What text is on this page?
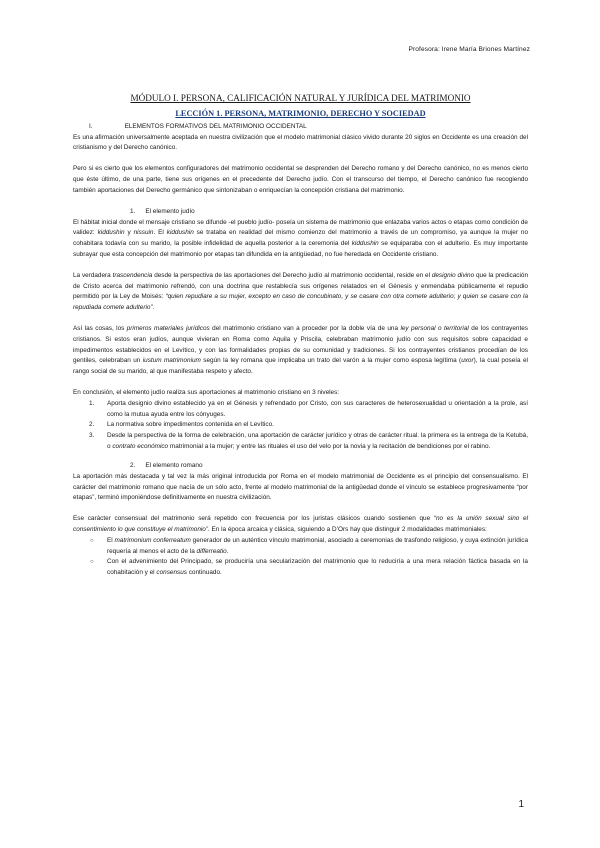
Profesora: Irene María Briones Martínez
MÓDULO I. PERSONA, CALIFICACIÓN NATURAL Y JURÍDICA DEL MATRIMONIO
LECCIÓN 1. PERSONA, MATRIMONIO, DERECHO Y SOCIEDAD
I.	ELEMENTOS FORMATIVOS DEL MATRIMONIO OCCIDENTAL

Es una afirmación universalmente aceptada en nuestra civilización que el modelo matrimonial clásico vivido durante 20 siglos en Occidente es una creación del cristianismo y del Derecho canónico.

Pero si es cierto que los elementos configuradores del matrimonio occidental se desprenden del Derecho romano y del Derecho canónico, no es menos cierto que éste último, de una parte, tiene sus orígenes en el precedente del Derecho judío. Con el transcurso del tiempo, el Derecho canónico fue recogiendo también aportaciones del Derecho germánico que sintonizaban o enriquecían la concepción cristiana del matrimonio.

1. El elemento judío

El hábitat inicial donde el mensaje cristiano se difunde -el pueblo judío- poseía un sistema de matrimonio que enlazaba varios actos o etapas como condición de validez: kiddushin y nissuin. El kiddushin se trataba en realidad del mismo comienzo del matrimonio a través de un compromiso, ya aunque la mujer no cohabitara todavía con su marido, la posible infidelidad de aquella posterior a la ceremonia del kiddushin se equiparaba con el adulterio. Es muy importante subrayar que esta concepción del matrimonio por etapas tan difundida en la antigüedad, no fue heredada en Occidente cristiano.

La verdadera trascendencia desde la perspectiva de las aportaciones del Derecho judío al matrimonio occidental, reside en el designio divino que la predicación de Cristo acerca del matrimonio refrendó, con una doctrina que restablecía sus orígenes relatados en el Génesis y enmendaba públicamente el repudio permitido por la Ley de Moisés: “quien repudiare a su mujer, excepto en caso de concubinato, y se casare con otra comete adulterio; y quien se casare con la repudiada comete adulterio”.

Así las cosas, los primeros materiales jurídicos del matrimonio cristiano van a proceder por la doble vía de una ley personal o territorial de los contrayentes cristianos. Si estos eran judíos, aunque vivieran en Roma como Aquila y Priscila, celebraban matrimonio judío con sus requisitos sobre capacidad e impedimentos establecidos en el Levítico, y con las formalidades propias de su comunidad y tradiciones. Si los contrayentes cristianos procedían de los gentiles, celebraban un iustum matrimonium según la ley romana que implicaba un trato del varón a la mujer como esposa legítima (uxor), la cual poseía el rango social de su marido, al que manifestaba respeto y afecto.

En conclusión, el elemento judío realiza sus aportaciones al matrimonio cristiano en 3 niveles:

1.	Aporta designio divino establecido ya en el Génesis y refrendado por Cristo, con sus caracteres de heterosexualidad u orientación a la prole, así como la mutua ayuda entre los cónyuges.
2.	La normativa sobre impedimentos contenida en el Levítico.
3.	Desde la perspectiva de la forma de celebración, una aportación de carácter jurídico y otras de carácter ritual. la primera es la entrega de la Ketubá, o contrato económico matrimonial a la mujer; y entre las rituales el uso del velo por la novia y la recitación de bendiciones por el rabino.
2. El elemento romano

La aportación más destacada y tal vez la más original introducida por Roma en el modelo matrimonial de Occidente es el principio del consensualismo. El carácter del matrimonio romano que nacía de un sólo acto, frente al modelo matrimonial de la antigüedad donde el vínculo se establece progresivamente “por etapas”, terminó imponiéndose definitivamente en nuestra civilización.

Ese carácter consensual del matrimonio será repetido con frecuencia por los juristas clásicos cuando sostienen que “no es la unión sexual sino el consentimiento lo que constituye el matrimonio”. En la época arcaica y clásica, siguiendo a D’Ors hay que distinguir 2 modalidades matrimoniales:

○	El matrimonium conferreatum generador de un auténtico vínculo matrimonial, asociado a ceremonias de trasfondo religioso, y cuya extinción jurídica requería al menos el acto de la differreatio.
○	Con el advenimiento del Principado, se produciría una secularización del matrimonio que lo reduciría a una mera relación fáctica basada en la cohabitación y el consensus continuado.
1
